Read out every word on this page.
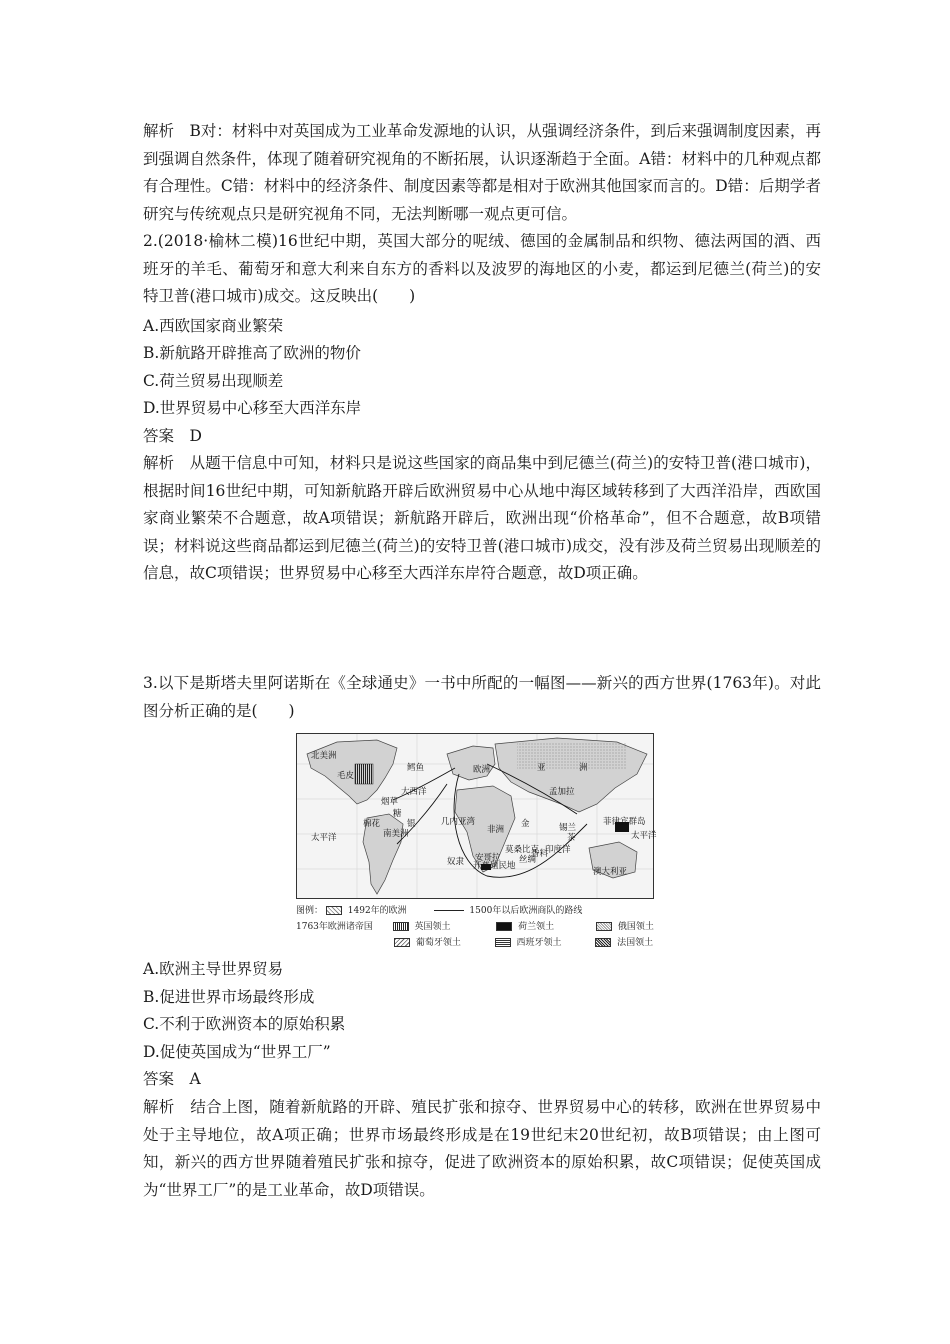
解析　B对：材料中对英国成为工业革命发源地的认识，从强调经济条件，到后来强调制度因素，再到强调自然条件，体现了随着研究视角的不断拓展，认识逐渐趋于全面。A错：材料中的几种观点都有合理性。C错：材料中的经济条件、制度因素等都是相对于欧洲其他国家而言的。D错：后期学者研究与传统观点只是研究视角不同，无法判断哪一观点更可信。

2.(2018·榆林二模)16世纪中期，英国大部分的呢绒、德国的金属制品和织物、德法两国的酒、西班牙的羊毛、葡萄牙和意大利来自东方的香料以及波罗的海地区的小麦，都运到尼德兰(荷兰)的安特卫普(港口城市)成交。这反映出(　　)

A.西欧国家商业繁荣

B.新航路开辟推高了欧洲的物价

C.荷兰贸易出现顺差

D.世界贸易中心移至大西洋东岸

答案　D

解析　从题干信息中可知，材料只是说这些国家的商品集中到尼德兰(荷兰)的安特卫普(港口城市)，根据时间16世纪中期，可知新航路开辟后欧洲贸易中心从地中海区域转移到了大西洋沿岸，西欧国家商业繁荣不合题意，故A项错误；新航路开辟后，欧洲出现“价格革命”，但不合题意，故B项错误；材料说这些商品都运到尼德兰(荷兰)的安特卫普(港口城市)成交，没有涉及荷兰贸易出现顺差的信息，故C项错误；世界贸易中心移至大西洋东岸符合题意，故D项正确。

3.以下是斯塔夫里阿诺斯在《全球通史》一书中所配的一幅图——新兴的西方世界(1763年)。对此图分析正确的是(　　)

北美洲
大西洋
南美洲
太平洋	太平洋
欧洲	亚	洲
非洲
几内亚湾
印度洋
澳大利亚
菲律宾群岛
孟加拉
莫桑比克
安哥拉
开普殖民地
锡兰
金
奴隶
糖
茶
丝绸
香料
棉花
毛皮
银
烟草
鳕鱼
图例：	1492年的欧洲	1500年以后欧洲商队的路线
1763年欧洲诸帝国	英国领土	荷兰领土	俄国领土
葡萄牙领土	西班牙领土	法国领土

A.欧洲主导世界贸易

B.促进世界市场最终形成

C.不利于欧洲资本的原始积累

D.促使英国成为“世界工厂”

答案　A

解析　结合上图，随着新航路的开辟、殖民扩张和掠夺、世界贸易中心的转移，欧洲在世界贸易中处于主导地位，故A项正确；世界市场最终形成是在19世纪末20世纪初，故B项错误；由上图可知，新兴的西方世界随着殖民扩张和掠夺，促进了欧洲资本的原始积累，故C项错误；促使英国成为“世界工厂”的是工业革命，故D项错误。
